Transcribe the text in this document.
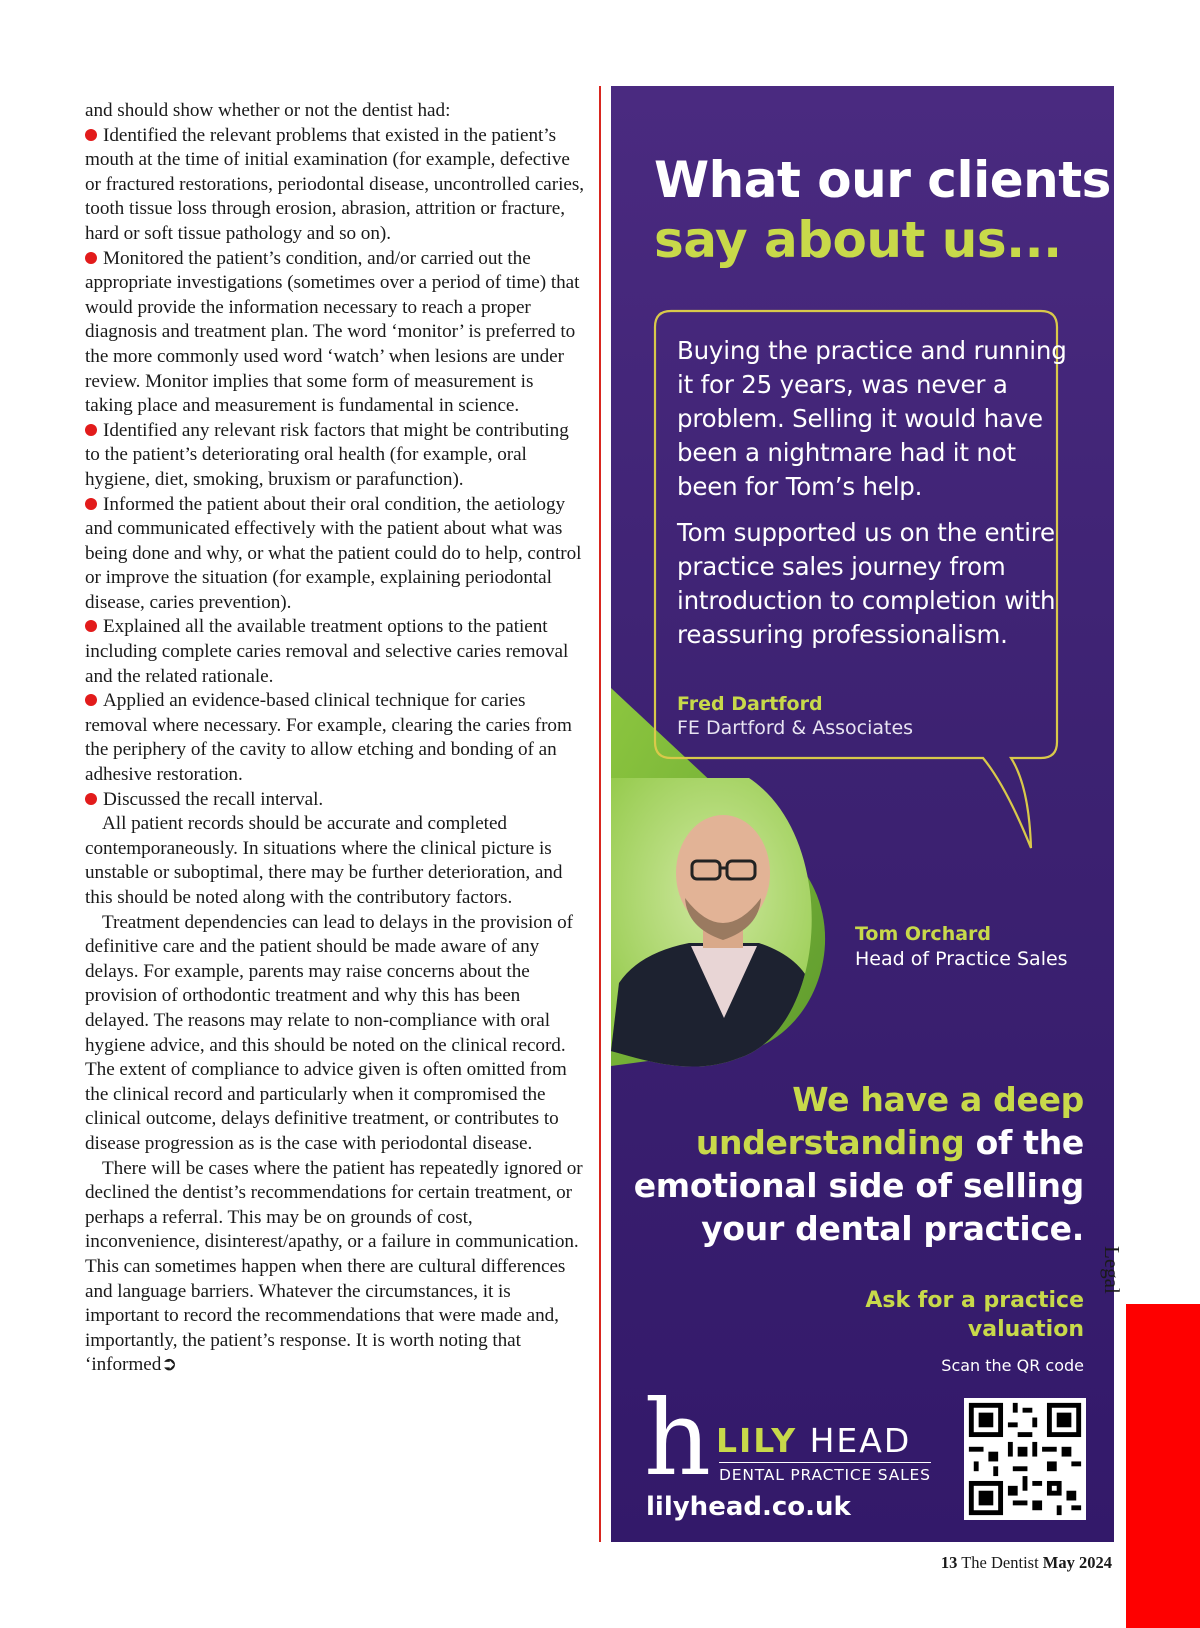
and should show whether or not the dentist had:

Identified the relevant problems that existed in the patient’s mouth at the time of initial examination (for example, defective or fractured restorations, periodontal disease, uncontrolled caries, tooth tissue loss through erosion, abrasion, attrition or fracture, hard or soft tissue pathology and so on).

Monitored the patient’s condition, and/or carried out the appropriate investigations (sometimes over a period of time) that would provide the information necessary to reach a proper diagnosis and treatment plan. The word ‘monitor’ is preferred to the more commonly used word ‘watch’ when lesions are under review. Monitor implies that some form of measurement is taking place and measurement is fundamental in science.

Identified any relevant risk factors that might be contributing to the patient’s deteriorating oral health (for example, oral hygiene, diet, smoking, bruxism or parafunction).

Informed the patient about their oral condition, the aetiology and communicated effectively with the patient about what was being done and why, or what the patient could do to help, control or improve the situation (for example, explaining periodontal disease, caries prevention).

Explained all the available treatment options to the patient including complete caries removal and selective caries removal and the related rationale.

Applied an evidence-based clinical technique for caries removal where necessary. For example, clearing the caries from the periphery of the cavity to allow etching and bonding of an adhesive restoration.

Discussed the recall interval.

All patient records should be accurate and completed contemporaneously. In situations where the clinical picture is unstable or suboptimal, there may be further deterioration, and this should be noted along with the contributory factors.

Treatment dependencies can lead to delays in the provision of definitive care and the patient should be made aware of any delays. For example, parents may raise concerns about the provision of orthodontic treatment and why this has been delayed. The reasons may relate to non-compliance with oral hygiene advice, and this should be noted on the clinical record. The extent of compliance to advice given is often omitted from the clinical record and particularly when it compromised the clinical outcome, delays definitive treatment, or contributes to disease progression as is the case with periodontal disease.

There will be cases where the patient has repeatedly ignored or declined the dentist’s recommendations for certain treatment, or perhaps a referral. This may be on grounds of cost, inconvenience, disinterest/apathy, or a failure in communication. This can sometimes happen when there are cultural differences and language barriers. Whatever the circumstances, it is important to record the recommendations that were made and, importantly, the patient’s response. It is worth noting that ‘informed➲

What our clients
say about us...

Buying the practice and running it for 25 years, was never a problem. Selling it would have been a nightmare had it not been for Tom’s help.

Tom supported us on the entire practice sales journey from introduction to completion with reassuring professionalism.

Fred Dartford
FE Dartford & Associates
Tom Orchard
Head of Practice Sales
We have a deep understanding of the emotional side of selling your dental practice.
Ask for a practice valuation
Scan the QR code
h LILY HEAD
DENTAL PRACTICE SALES
lilyhead.co.uk
Legal
13 The Dentist May 2024
